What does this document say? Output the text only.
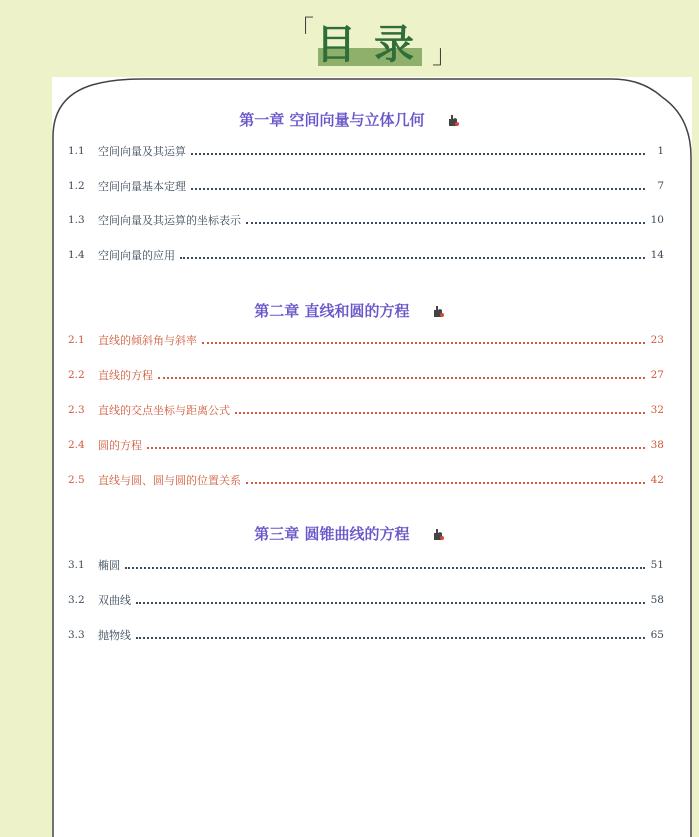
「 目录 」
第一章 空间向量与立体几何
1.1	空间向量及其运算	1
1.2	空间向量基本定理	7
1.3	空间向量及其运算的坐标表示	10
1.4	空间向量的应用	14
第二章 直线和圆的方程
2.1	直线的倾斜角与斜率	23
2.2	直线的方程	27
2.3	直线的交点坐标与距离公式	32
2.4	圆的方程	38
2.5	直线与圆、圆与圆的位置关系	42
第三章 圆锥曲线的方程
3.1	椭圆	51
3.2	双曲线	58
3.3	抛物线	65
